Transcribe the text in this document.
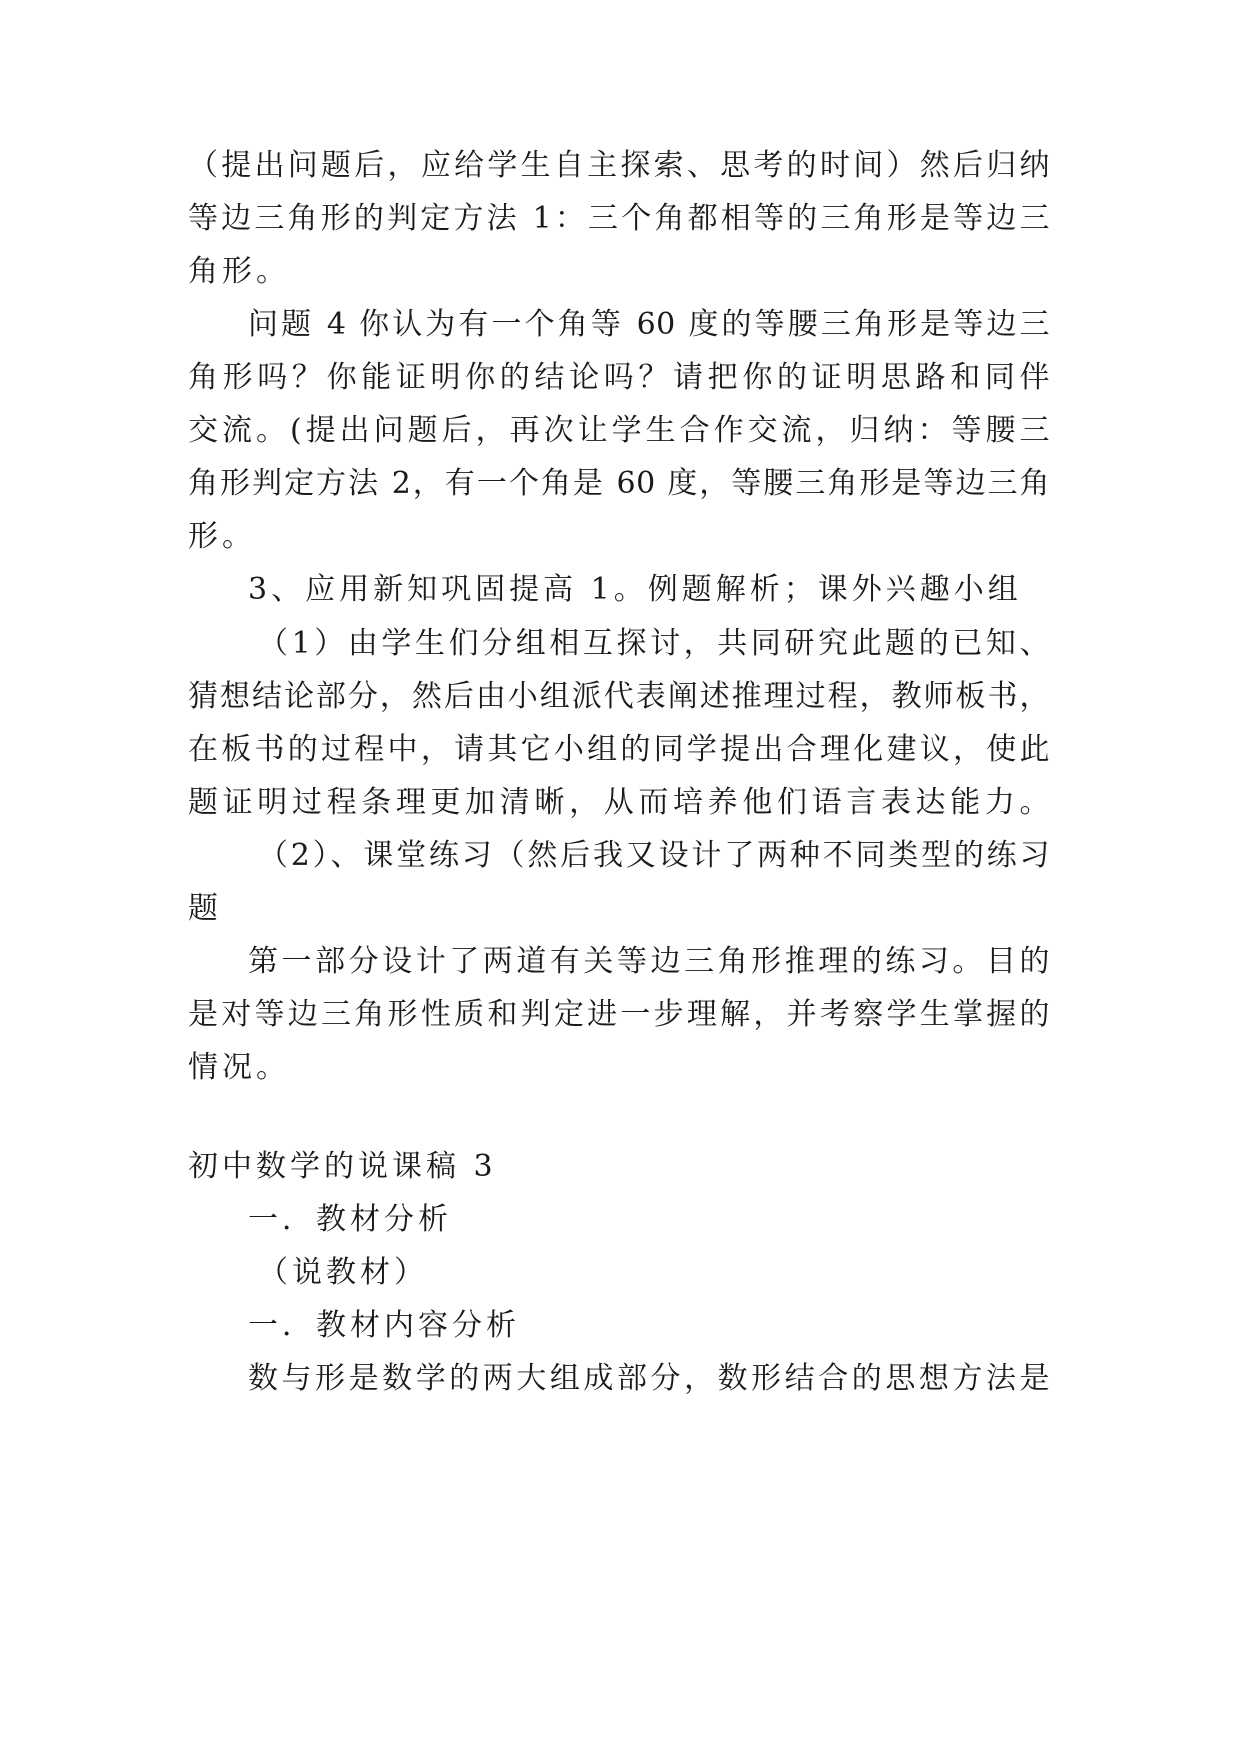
（提出问题后，应给学生自主探索、思考的时间）然后归纳
等边三角形的判定方法 1：三个角都相等的三角形是等边三
角形。
问题 4 你认为有一个角等 60 度的等腰三角形是等边三
角形吗？你能证明你的结论吗？请把你的证明思路和同伴
交流。(提出问题后，再次让学生合作交流，归纳：等腰三
角形判定方法 2，有一个角是 60 度，等腰三角形是等边三角
形。
3、应用新知巩固提高 1。例题解析；课外兴趣小组
（1）由学生们分组相互探讨，共同研究此题的已知、
猜想结论部分，然后由小组派代表阐述推理过程，教师板书，
在板书的过程中，请其它小组的同学提出合理化建议，使此
题证明过程条理更加清晰，从而培养他们语言表达能力。
（2）、课堂练习（然后我又设计了两种不同类型的练习
题
第一部分设计了两道有关等边三角形推理的练习。目的
是对等边三角形性质和判定进一步理解，并考察学生掌握的
情况。
初中数学的说课稿 3
一．教材分析
（说教材）
一．教材内容分析
数与形是数学的两大组成部分，数形结合的思想方法是
